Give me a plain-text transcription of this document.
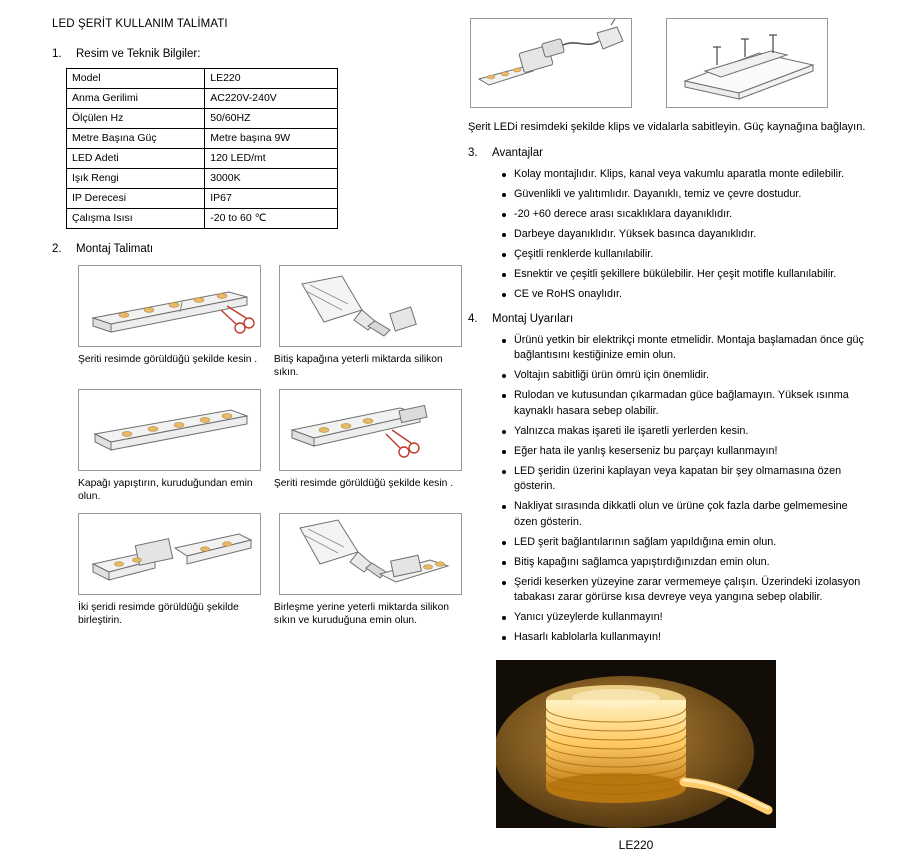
LED ŞERİT KULLANIM TALİMATI
1. Resim ve Teknik Bilgiler:
Model	LE220
Anma Gerilimi	AC220V-240V
Ölçülen Hz	50/60HZ
Metre Başına Güç	Metre başına 9W
LED Adeti	120 LED/mt
Işık Rengi	3000K
IP Derecesi	IP67
Çalışma Isısı	-20 to 60 ℃
2. Montaj Talimatı
Şeriti resimde görüldüğü şekilde kesin .	Bitiş kapağına yeterli miktarda silikon sıkın.
Kapağı yapıştırın, kuruduğundan emin olun.
Şeriti resimde görüldüğü şekilde kesin .
İki şeridi resimde görüldüğü şekilde birleştirin.
Birleşme yerine yeterli miktarda silikon sıkın ve kuruduğuna emin olun.
Şerit LEDi resimdeki şekilde klips ve vidalarla sabitleyin. Güç kaynağına bağlayın.
3. Avantajlar
Kolay montajlıdır. Klips, kanal veya vakumlu aparatla monte edilebilir.
Güvenlikli ve yalıtımlıdır. Dayanıklı, temiz ve çevre dostudur.
-20 +60 derece arası sıcaklıklara dayanıklıdır.
Darbeye dayanıklıdır. Yüksek basınca dayanıklıdır.
Çeşitli renklerde kullanılabilir.
Esnektir ve çeşitli şekillere bükülebilir. Her çeşit motifle kullanılabilir.
CE ve RoHS onaylıdır.
4. Montaj Uyarıları
Ürünü yetkin bir elektrikçi monte etmelidir. Montaja başlamadan önce güç bağlantısını kestiğinize emin olun.
Voltajın sabitliği ürün ömrü için önemlidir.
Rulodan ve kutusundan çıkarmadan güce bağlamayın. Yüksek ısınma kaynaklı hasara sebep olabilir.
Yalnızca makas işareti ile işaretli yerlerden kesin.
Eğer hata ile yanlış keserseniz bu parçayı kullanmayın!
LED şeridin üzerini kaplayan veya kapatan bir şey olmamasına özen gösterin.
Nakliyat sırasında dikkatli olun ve ürüne çok fazla darbe gelmemesine özen gösterin.
LED şerit bağlantılarının sağlam yapıldığına emin olun.
Bitiş kapağını sağlamca yapıştırdığınızdan emin olun.
Şeridi keserken yüzeyine zarar vermemeye çalışın. Üzerindeki izolasyon tabakası zarar görürse kısa devreye veya yangına sebep olabilir.
Yanıcı yüzeylerde kullanmayın!
Hasarlı kablolarla kullanmayın!
LE220
